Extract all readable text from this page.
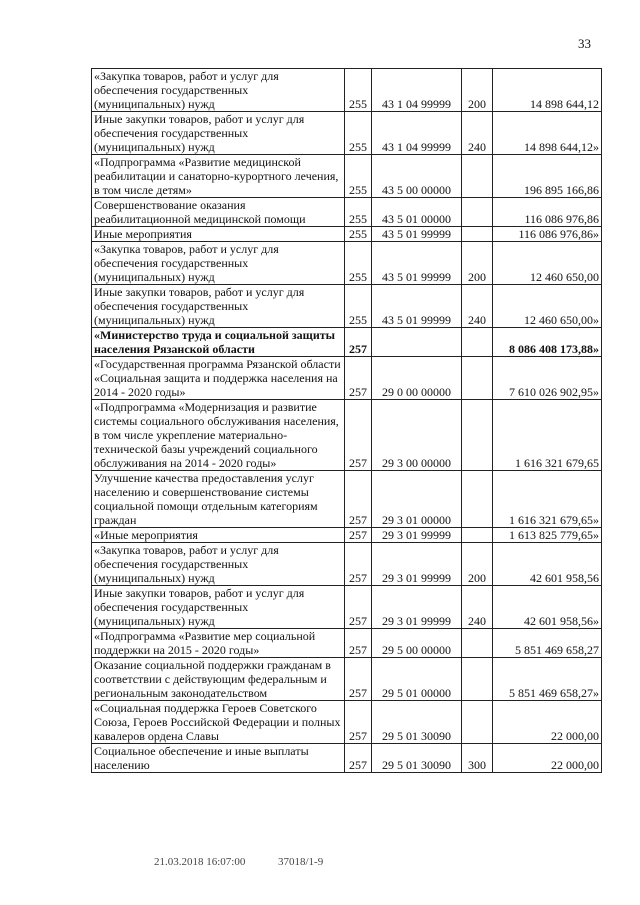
33
«Закупка товаров, работ и услуг для обеспечения государственных (муниципальных) нужд	255	43 1 04 99999	200	14 898 644,12
Иные закупки товаров, работ и услуг для обеспечения государственных (муниципальных) нужд	255	43 1 04 99999	240	14 898 644,12»
«Подпрограмма «Развитие медицинской реабилитации и санаторно-курортного лечения, в том числе детям»	255	43 5 00 00000		196 895 166,86
Совершенствование оказания реабилитационной медицинской помощи	255	43 5 01 00000		116 086 976,86
Иные мероприятия	255	43 5 01 99999		116 086 976,86»
«Закупка товаров, работ и услуг для обеспечения государственных (муниципальных) нужд	255	43 5 01 99999	200	12 460 650,00
Иные закупки товаров, работ и услуг для обеспечения государственных (муниципальных) нужд	255	43 5 01 99999	240	12 460 650,00»
«Министерство труда и социальной защиты населения Рязанской области	257			8 086 408 173,88»
«Государственная программа Рязанской области «Социальная защита и поддержка населения на 2014 - 2020 годы»	257	29 0 00 00000		7 610 026 902,95»
«Подпрограмма «Модернизация и развитие системы социального обслуживания населения, в том числе укрепление материально-технической базы учреждений социального обслуживания на 2014 - 2020 годы»	257	29 3 00 00000		1 616 321 679,65
Улучшение качества предоставления услуг населению и совершенствование системы социальной помощи отдельным категориям граждан	257	29 3 01 00000		1 616 321 679,65»
«Иные мероприятия	257	29 3 01 99999		1 613 825 779,65»
«Закупка товаров, работ и услуг для обеспечения государственных (муниципальных) нужд	257	29 3 01 99999	200	42 601 958,56
Иные закупки товаров, работ и услуг для обеспечения государственных (муниципальных) нужд	257	29 3 01 99999	240	42 601 958,56»
«Подпрограмма «Развитие мер социальной поддержки на 2015 - 2020 годы»	257	29 5 00 00000		5 851 469 658,27
Оказание социальной поддержки гражданам в соответствии с действующим федеральным и региональным законодательством	257	29 5 01 00000		5 851 469 658,27»
«Социальная поддержка Героев Советского Союза, Героев Российской Федерации и полных кавалеров ордена Славы	257	29 5 01 30090		22 000,00
Социальное обеспечение и иные выплаты населению	257	29 5 01 30090	300	22 000,00
21.03.2018 16:07:00	37018/1-9
